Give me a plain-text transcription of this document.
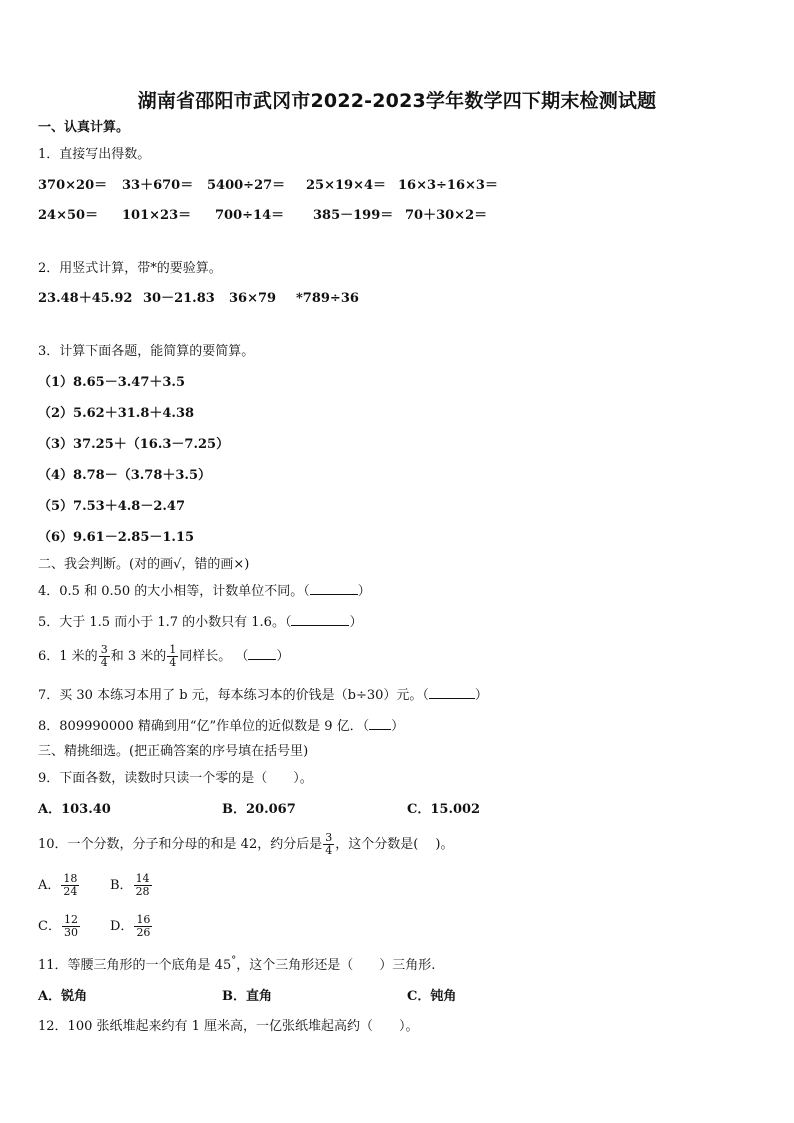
湖南省邵阳市武冈市2022-2023学年数学四下期末检测试题
一、认真计算。
1．直接写出得数。
370×20＝ 33＋670＝ 5400÷27＝ 25×19×4＝ 16×3÷16×3＝
24×50＝ 101×23＝ 700÷14＝ 385－199＝ 70＋30×2＝
2．用竖式计算，带*的要验算。
23.48＋45.92 30－21.83 36×79 *789÷36
3．计算下面各题，能简算的要简算。
（1）8.65－3.47＋3.5
（2）5.62＋31.8＋4.38
（3）37.25＋（16.3－7.25）
（4）8.78－（3.78＋3.5）
（5）7.53＋4.8－2.47
（6）9.61－2.85－1.15
二、我会判断。(对的画√，错的画×)
4．0.5 和 0.50 的大小相等，计数单位不同。（	）
5．大于 1.5 而小于 1.7 的小数只有 1.6。（	）
6．1 米的 $\frac{3}{4}$ 和 3 米的 $\frac{1}{4}$ 同样长。 （ ）
7．买 30 本练习本用了 b 元，每本练习本的价钱是（b÷30）元。（	）
8．809990000 精确到用“亿”作单位的近似数是 9 亿．（ ）
三、精挑细选。(把正确答案的序号填在括号里)
9．下面各数，读数时只读一个零的是（　　）。
A．103.40	B．20.067	C．15.002
10．一个分数，分子和分母的和是 42，约分后是 $\frac{3}{4}$ ，这个分数是(　 )。
A． $\frac{18}{24}$ B． $\frac{14}{28}$
C． $\frac{12}{30}$ D． $\frac{16}{26}$
11．等腰三角形的一个底角是 45°，这个三角形还是（　　）三角形.
A．锐角	B．直角	C．钝角
12．100 张纸堆起来约有 1 厘米高，一亿张纸堆起高约（　　）。
